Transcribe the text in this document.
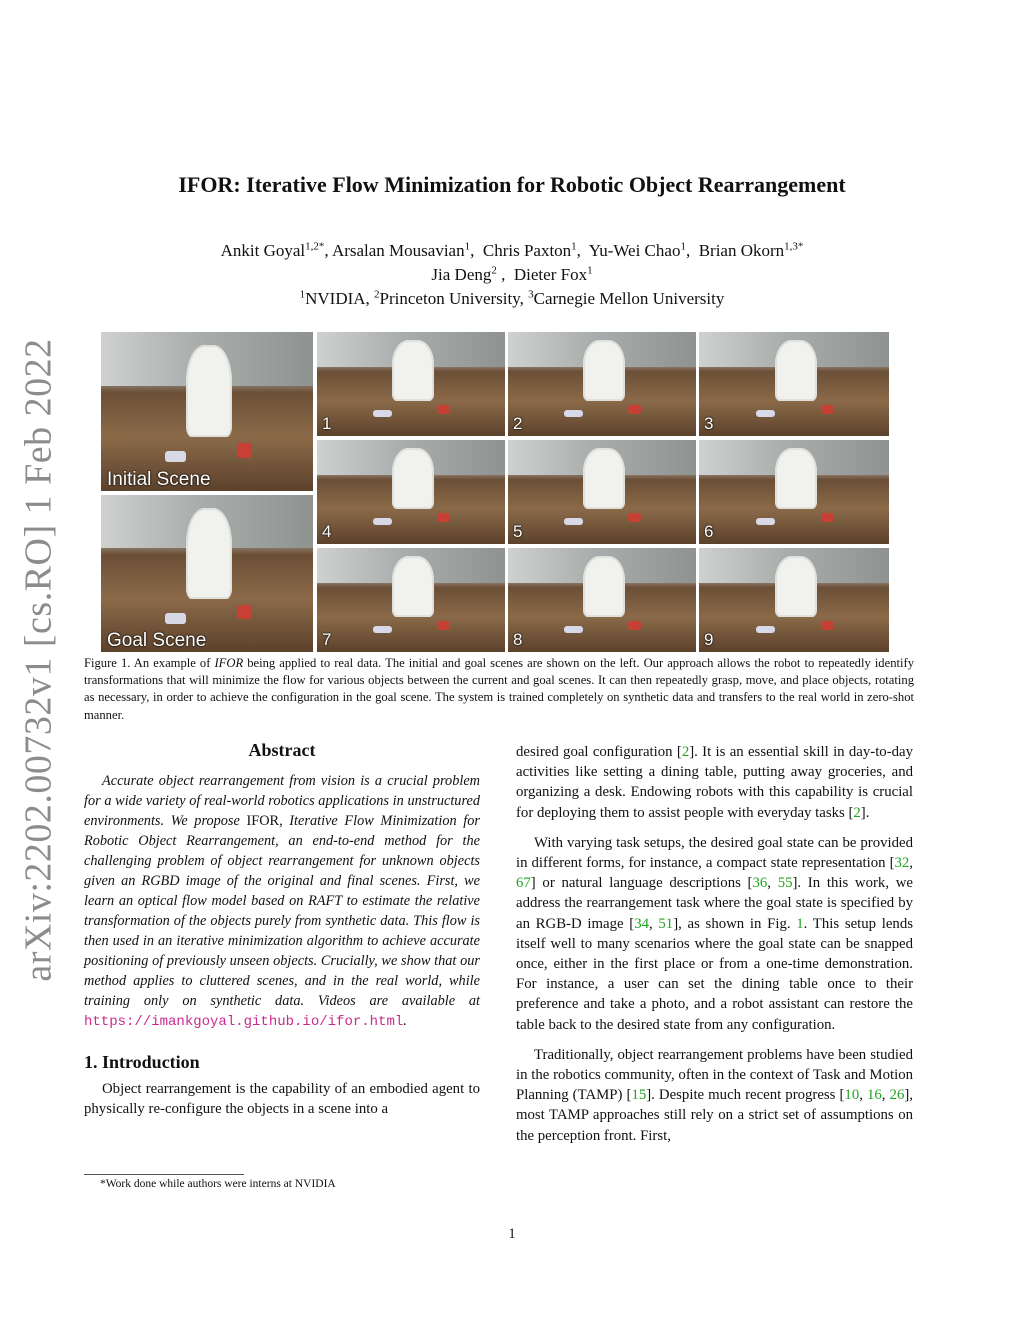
arXiv:2202.00732v1 [cs.RO] 1 Feb 2022
IFOR: Iterative Flow Minimization for Robotic Object Rearrangement
Ankit Goyal$^{1,2*}$, Arsalan Mousavian$^1$,  Chris Paxton$^1$,  Yu-Wei Chao$^1$,  Brian Okorn$^{1,3*}$
Jia Deng$^2$ ,  Dieter Fox$^1$
$^1$NVIDIA, $^2$Princeton University, $^3$Carnegie Mellon University
Initial Scene
Goal Scene
1	2	3
4	5	6
7	8	9

Figure 1. An example of IFOR being applied to real data. The initial and goal scenes are shown on the left. Our approach allows the robot to repeatedly identify transformations that will minimize the flow for various objects between the current and goal scenes. It can then repeatedly grasp, move, and place objects, rotating as necessary, in order to achieve the configuration in the goal scene. The system is trained completely on synthetic data and transfers to the real world in zero-shot manner.

Abstract

Accurate object rearrangement from vision is a crucial problem for a wide variety of real-world robotics applications in unstructured environments. We propose IFOR, Iterative Flow Minimization for Robotic Object Rearrangement, an end-to-end method for the challenging problem of object rearrangement for unknown objects given an RGBD image of the original and final scenes. First, we learn an optical flow model based on RAFT to estimate the relative transformation of the objects purely from synthetic data. This flow is then used in an iterative minimization algorithm to achieve accurate positioning of previously unseen objects. Crucially, we show that our method applies to cluttered scenes, and in the real world, while training only on synthetic data. Videos are available at https://imankgoyal.github.io/ifor.html.

1. Introduction

Object rearrangement is the capability of an embodied agent to physically re-configure the objects in a scene into a

desired goal configuration [2]. It is an essential skill in day-to-day activities like setting a dining table, putting away groceries, and organizing a desk. Endowing robots with this capability is crucial for deploying them to assist people with everyday tasks [2].

With varying task setups, the desired goal state can be provided in different forms, for instance, a compact state representation [32, 67] or natural language descriptions [36, 55]. In this work, we address the rearrangement task where the goal state is specified by an RGB-D image [34, 51], as shown in Fig. 1. This setup lends itself well to many scenarios where the goal state can be snapped once, either in the first place or from a one-time demonstration. For instance, a user can set the dining table once to their preference and take a photo, and a robot assistant can restore the table back to the desired state from any configuration.

Traditionally, object rearrangement problems have been studied in the robotics community, often in the context of Task and Motion Planning (TAMP) [15]. Despite much recent progress [10, 16, 26], most TAMP approaches still rely on a strict set of assumptions on the perception front. First,

*Work done while authors were interns at NVIDIA
1
